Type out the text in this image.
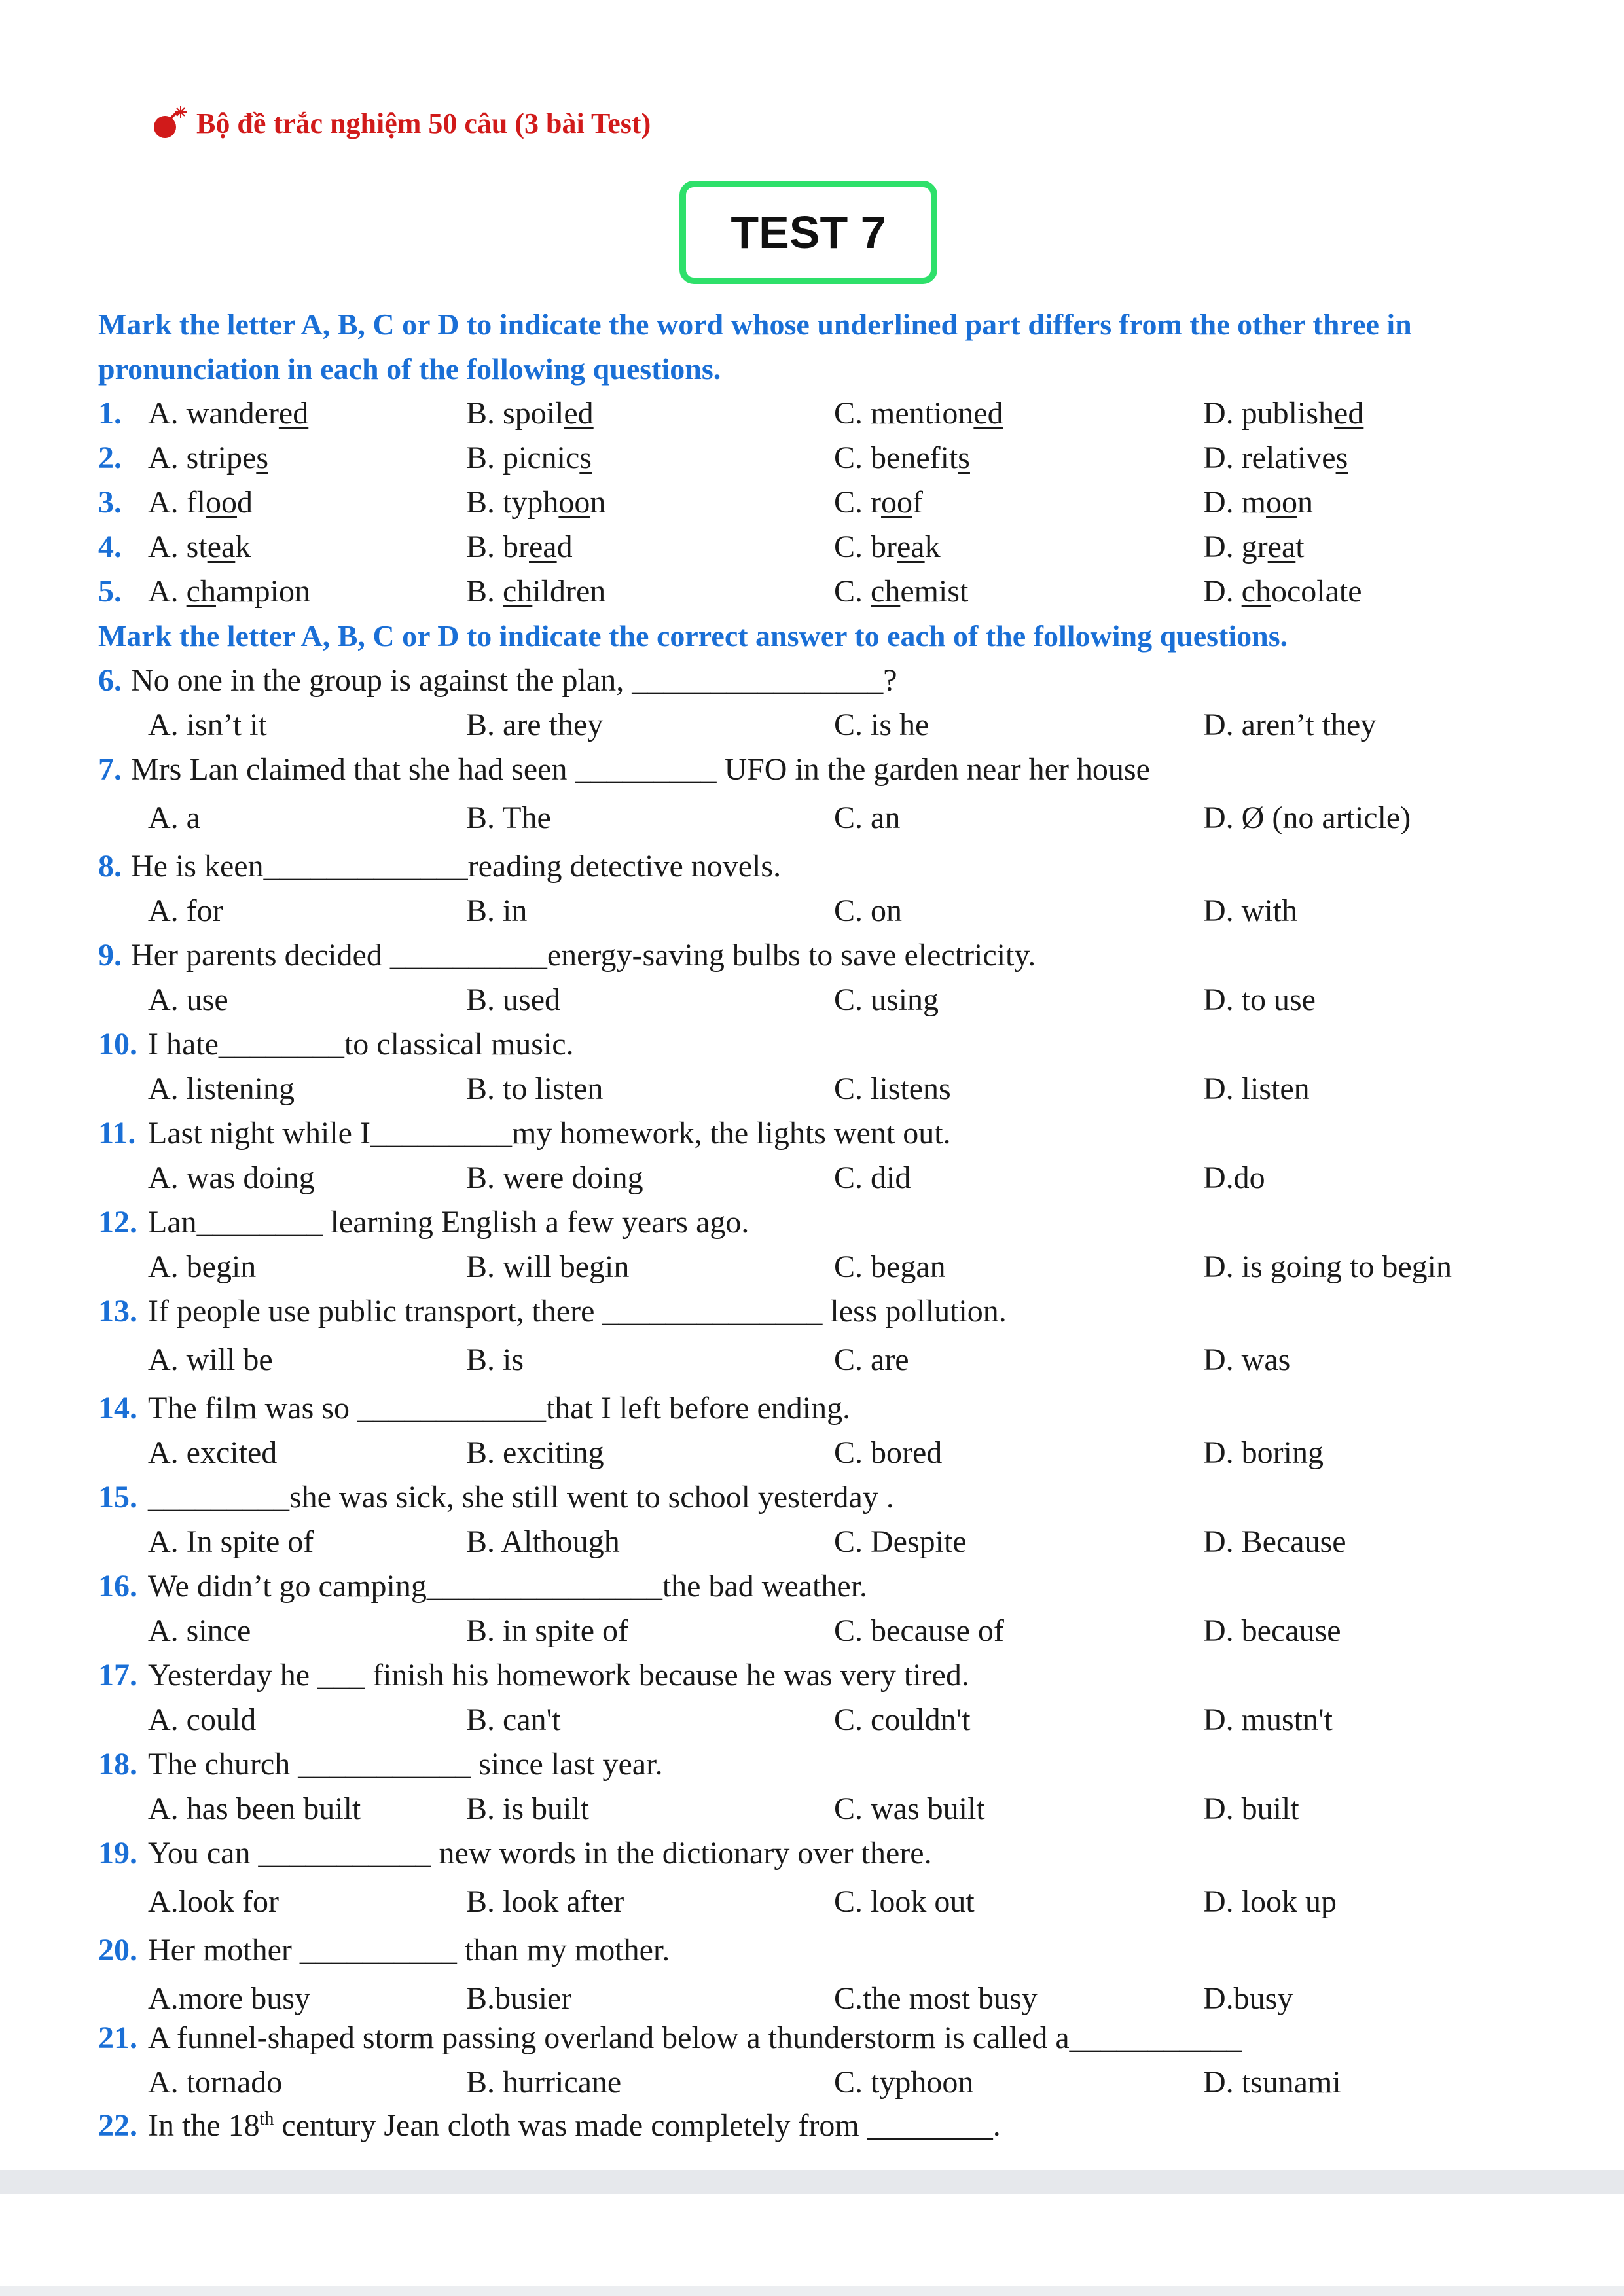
Bộ đề trắc nghiệm 50 câu (3 bài Test)
TEST 7
Mark the letter A, B, C or D to indicate the word whose underlined part differs from the other three in pronunciation in each of the following questions.
1. A. wandered	B. spoiled	C. mentioned	D. published
2. A. stripes	B. picnics	C. benefits	D. relatives
3. A. flood	B. typhoon	C. roof	D. moon
4. A. steak	B. bread	C. break	D. great
5. A. champion	B. children	C. chemist	D. chocolate
Mark the letter A, B, C or D to indicate the correct answer to each of the following questions.
6. No one in the group is against the plan, ________________?
A. isn’t it	B. are they	C. is he	D. aren’t they
7. Mrs Lan claimed that she had seen _________ UFO in the garden near her house
A. a	B. The	C. an	D. Ø (no article)
8. He is keen_____________reading detective novels.
A. for	B. in	C. on	D. with
9. Her parents decided __________energy-saving bulbs to save electricity.
A. use	B. used	C. using	D. to use
10. I hate________to classical music.
A. listening	B. to listen	C. listens	D. listen
11. Last night while I_________my homework, the lights went out.
A. was doing	B. were doing	C. did	D.do
12. Lan________ learning English a few years ago.
A. begin	B. will begin	C. began	D. is going to begin
13. If people use public transport, there ______________ less pollution.
A. will be	B. is	C. are	D. was
14. The film was so ____________that I left before ending.
A. excited	B. exciting	C. bored	D. boring
15. _________she was sick, she still went to school yesterday .
A. In spite of	B. Although	C. Despite	D. Because
16. We didn’t go camping_______________the bad weather.
A. since	B. in spite of	C. because of	D. because
17. Yesterday he ___ finish his homework because he was very tired.
A. could	B. can't	C. couldn't	D. mustn't
18. The church ___________ since last year.
A. has been built	B. is built	C. was built	D. built
19. You can ___________ new words in the dictionary over there.
A.look for	B. look after	C. look out	D. look up
20. Her mother __________ than my mother.
A.more busy	B.busier	C.the most busy	D.busy
21. A funnel-shaped storm passing overland below a thunderstorm is called a___________
A. tornado	B. hurricane	C. typhoon	D. tsunami
22. In the 18th century Jean cloth was made completely from ________.
